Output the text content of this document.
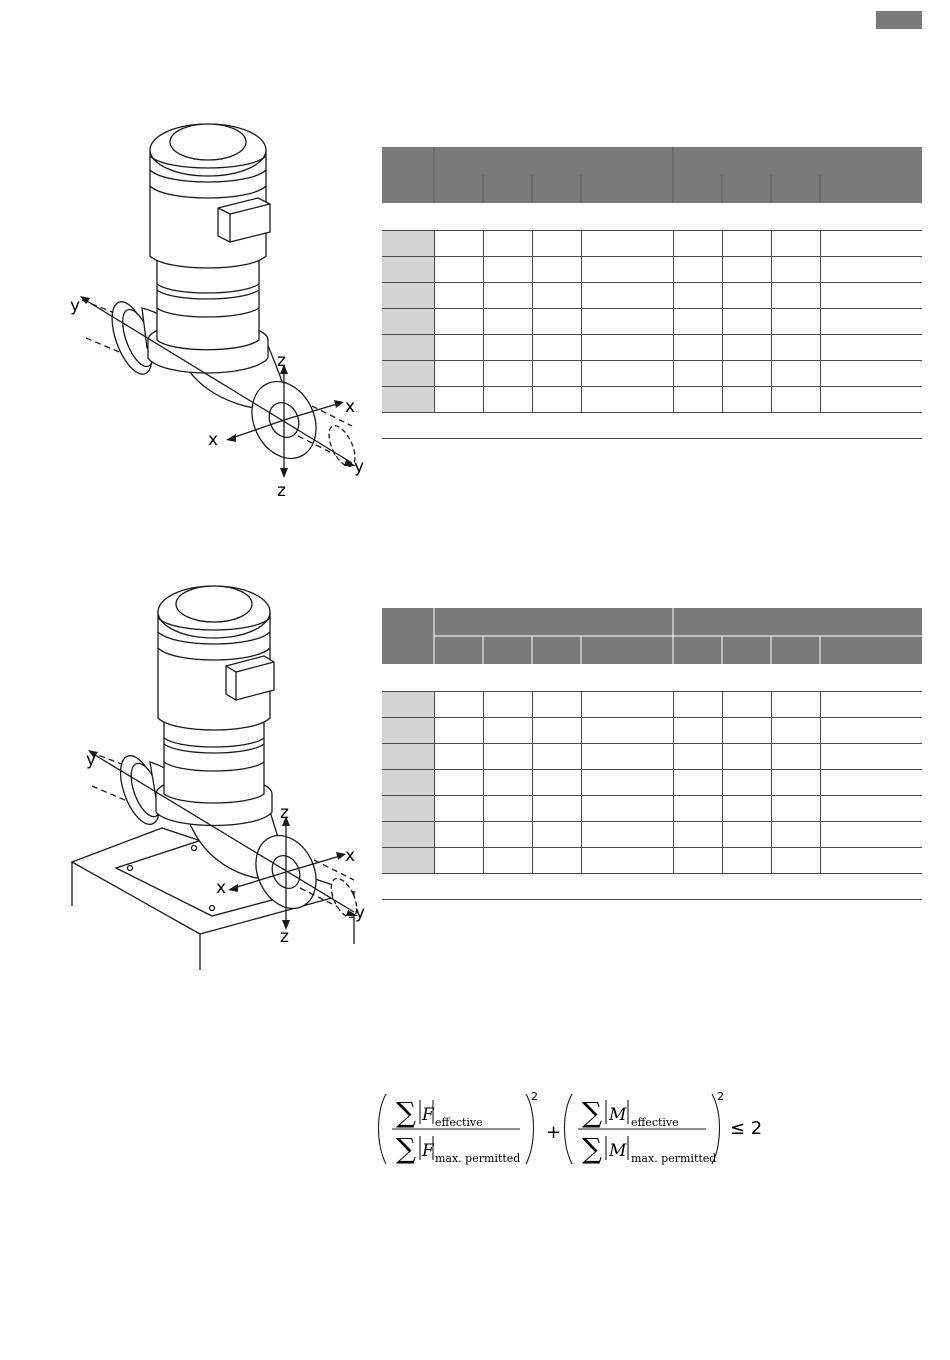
y
y
x
x
z
z

y
y
x
x
z
z

∑ F effective
∑ F max. permitted
2
+
∑ M effective
∑ M max. permitted
2
≤ 2
